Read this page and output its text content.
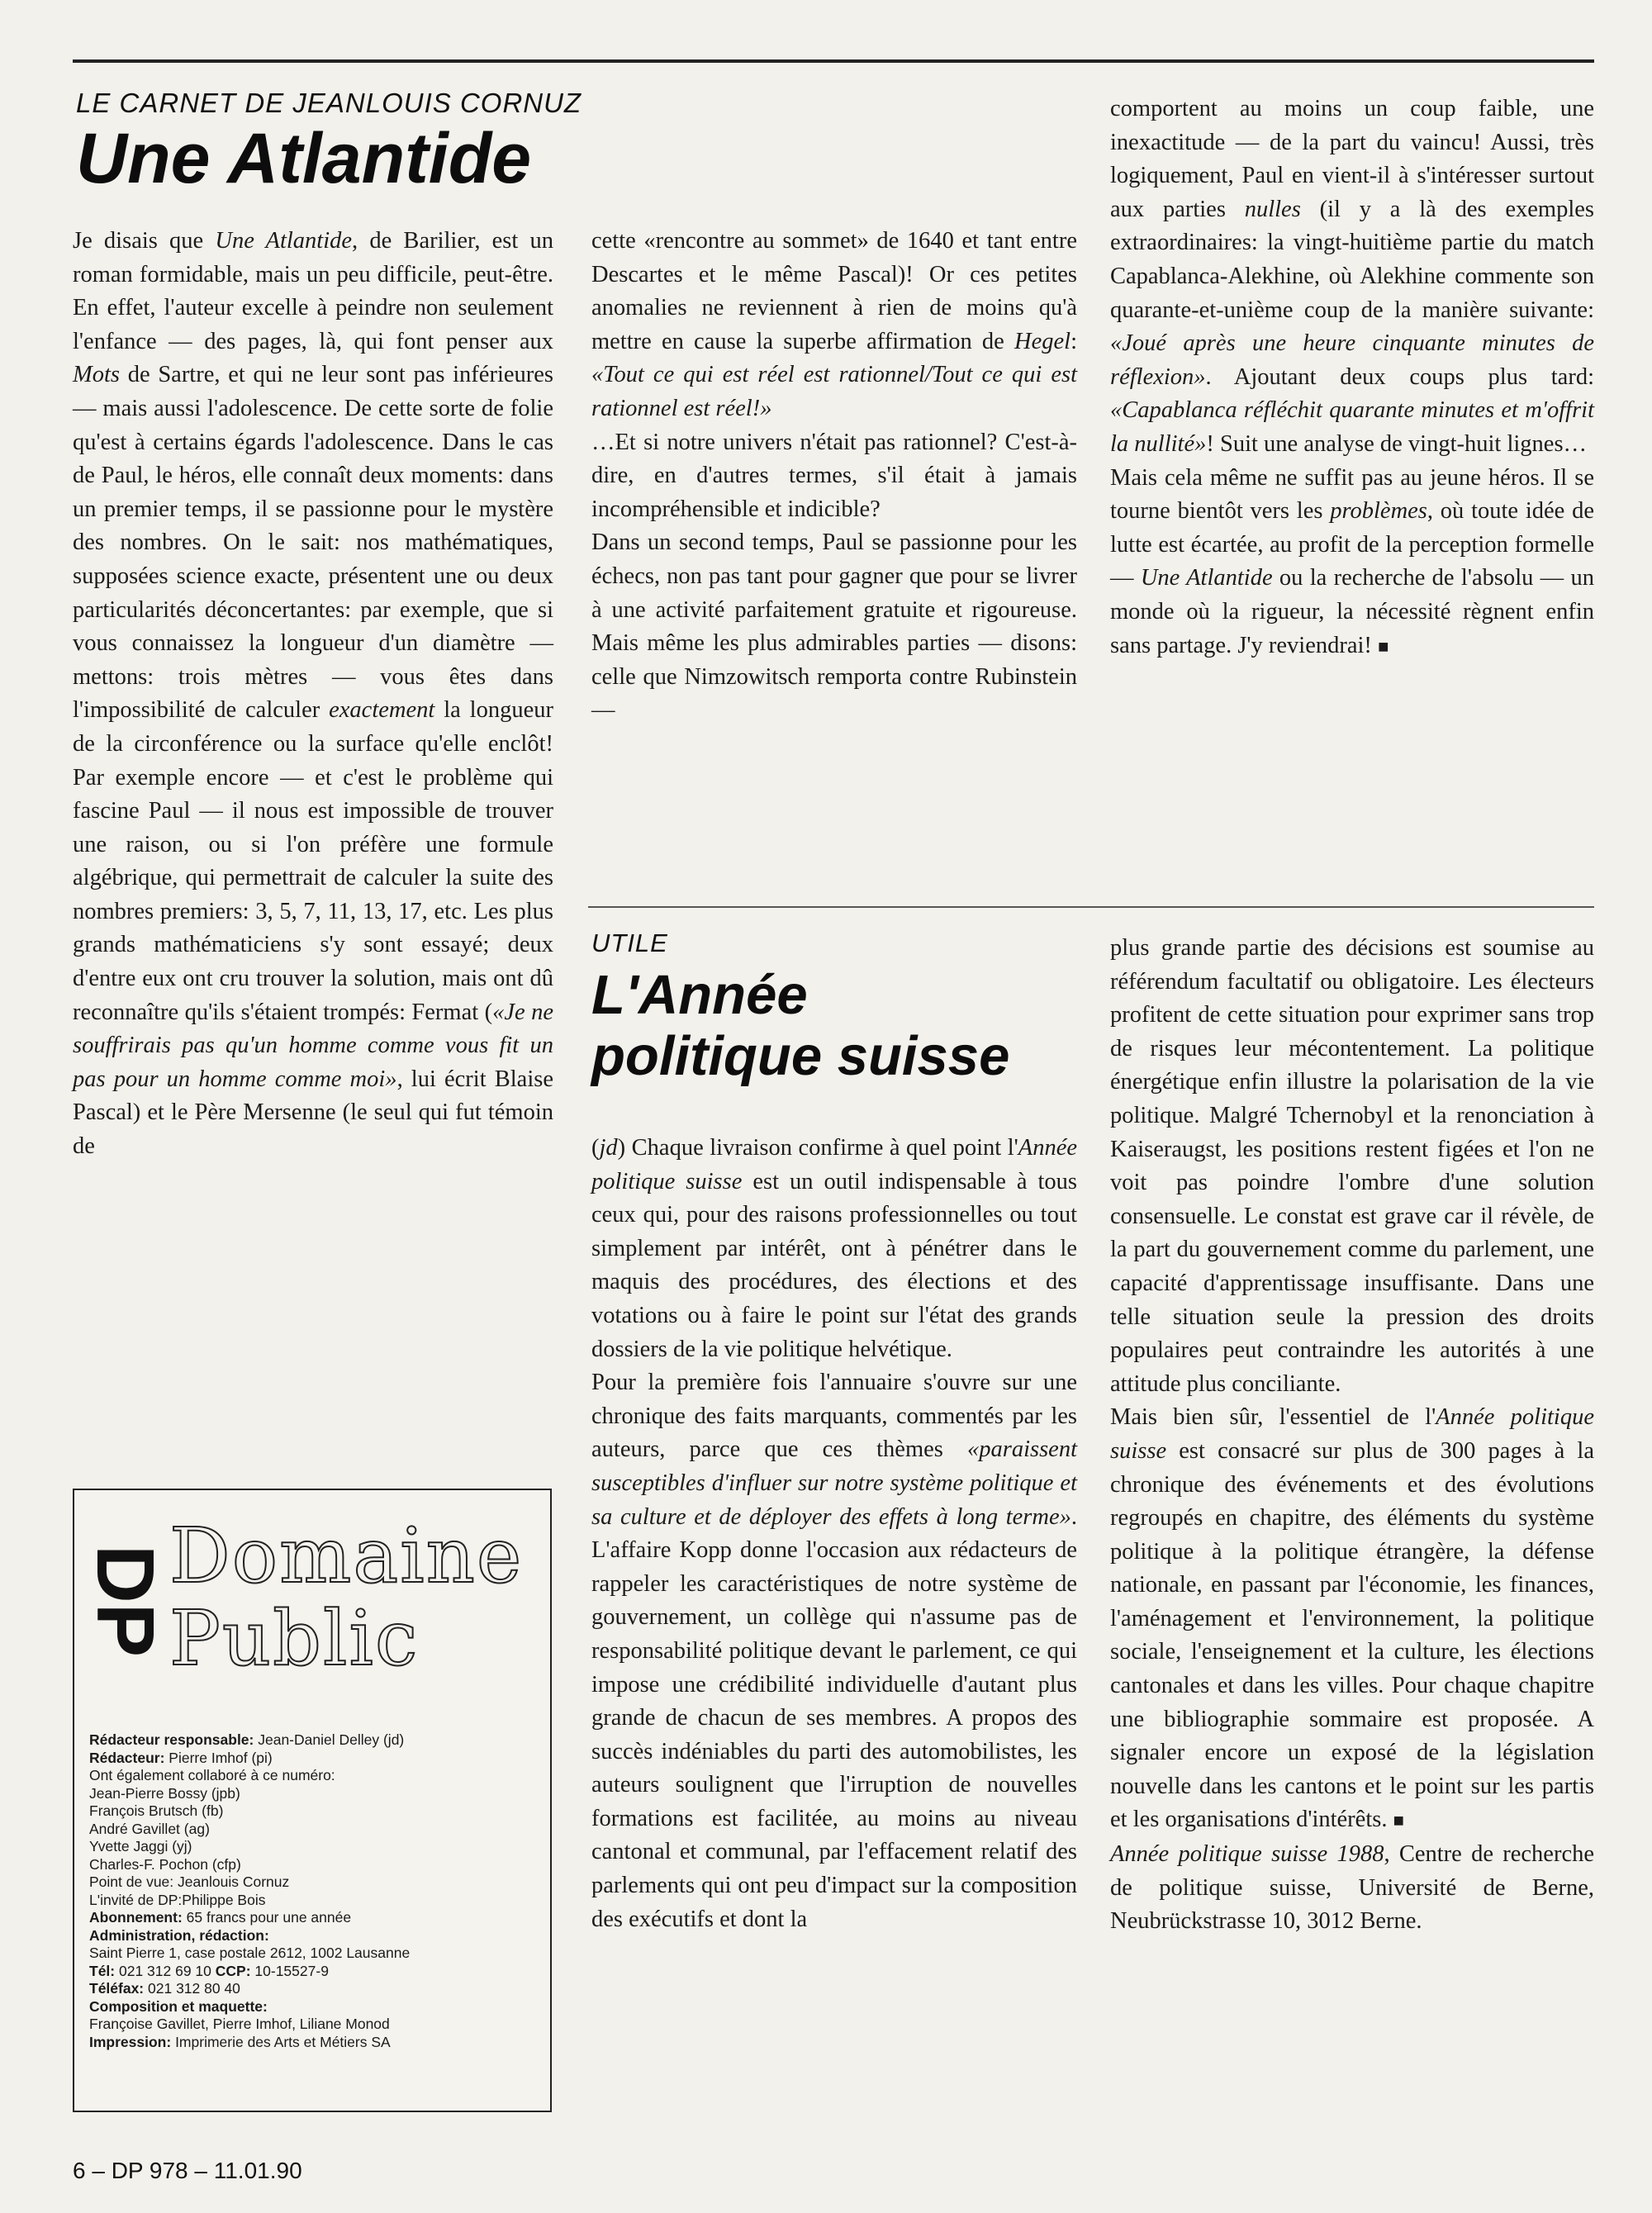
LE CARNET DE JEANLOUIS CORNUZ
Une Atlantide

Je disais que Une Atlantide, de Barilier, est un roman formidable, mais un peu difficile, peut-être. En effet, l'auteur excelle à peindre non seulement l'enfance — des pages, là, qui font penser aux Mots de Sartre, et qui ne leur sont pas inférieures — mais aussi l'adolescence. De cette sorte de folie qu'est à certains égards l'adolescence. Dans le cas de Paul, le héros, elle connaît deux moments: dans un premier temps, il se passionne pour le mystère des nombres. On le sait: nos mathématiques, supposées science exacte, présentent une ou deux particularités déconcertantes: par exemple, que si vous connaissez la longueur d'un diamètre — mettons: trois mètres — vous êtes dans l'impossibilité de calculer exactement la longueur de la circonférence ou la surface qu'elle enclôt! Par exemple encore — et c'est le problème qui fascine Paul — il nous est impossible de trouver une raison, ou si l'on préfère une formule algébrique, qui permettrait de calculer la suite des nombres premiers: 3, 5, 7, 11, 13, 17, etc. Les plus grands mathématiciens s'y sont essayé; deux d'entre eux ont cru trouver la solution, mais ont dû reconnaître qu'ils s'étaient trompés: Fermat («Je ne souffrirais pas qu'un homme comme vous fit un pas pour un homme comme moi», lui écrit Blaise Pascal) et le Père Mersenne (le seul qui fut témoin de

cette «rencontre au sommet» de 1640 et tant entre Descartes et le même Pascal)! Or ces petites anomalies ne reviennent à rien de moins qu'à mettre en cause la superbe affirmation de Hegel: «Tout ce qui est réel est rationnel/Tout ce qui est rationnel est réel!»

…Et si notre univers n'était pas rationnel? C'est-à-dire, en d'autres termes, s'il était à jamais incompréhensible et indicible?

Dans un second temps, Paul se passionne pour les échecs, non pas tant pour gagner que pour se livrer à une activité parfaitement gratuite et rigoureuse. Mais même les plus admirables parties — disons: celle que Nimzowitsch remporta contre Rubinstein —

comportent au moins un coup faible, une inexactitude — de la part du vaincu! Aussi, très logiquement, Paul en vient-il à s'intéresser surtout aux parties nulles (il y a là des exemples extraordinaires: la vingt-huitième partie du match Capablanca-Alekhine, où Alekhine commente son quarante-et-unième coup de la manière suivante: «Joué après une heure cinquante minutes de réflexion». Ajoutant deux coups plus tard: «Capablanca réfléchit quarante minutes et m'offrit la nullité»! Suit une analyse de vingt-huit lignes…

Mais cela même ne suffit pas au jeune héros. Il se tourne bientôt vers les problèmes, où toute idée de lutte est écartée, au profit de la perception formelle — Une Atlantide ou la recherche de l'absolu — un monde où la rigueur, la nécessité règnent enfin sans partage. J'y reviendrai! ■

UTILE
L'Année
politique suisse

(jd) Chaque livraison confirme à quel point l'Année politique suisse est un outil indispensable à tous ceux qui, pour des raisons professionnelles ou tout simplement par intérêt, ont à pénétrer dans le maquis des procédures, des élections et des votations ou à faire le point sur l'état des grands dossiers de la vie politique helvétique.

Pour la première fois l'annuaire s'ouvre sur une chronique des faits marquants, commentés par les auteurs, parce que ces thèmes «paraissent susceptibles d'influer sur notre système politique et sa culture et de déployer des effets à long terme». L'affaire Kopp donne l'occasion aux rédacteurs de rappeler les caractéristiques de notre système de gouvernement, un collège qui n'assume pas de responsabilité politique devant le parlement, ce qui impose une crédibilité individuelle d'autant plus grande de chacun de ses membres. A propos des succès indéniables du parti des automobilistes, les auteurs soulignent que l'irruption de nouvelles formations est facilitée, au moins au niveau cantonal et communal, par l'effacement relatif des parlements qui ont peu d'impact sur la composition des exécutifs et dont la

plus grande partie des décisions est soumise au référendum facultatif ou obligatoire. Les électeurs profitent de cette situation pour exprimer sans trop de risques leur mécontentement. La politique énergétique enfin illustre la polarisation de la vie politique. Malgré Tchernobyl et la renonciation à Kaiseraugst, les positions restent figées et l'on ne voit pas poindre l'ombre d'une solution consensuelle. Le constat est grave car il révèle, de la part du gouvernement comme du parlement, une capacité d'apprentissage insuffisante. Dans une telle situation seule la pression des droits populaires peut contraindre les autorités à une attitude plus conciliante.

Mais bien sûr, l'essentiel de l'Année politique suisse est consacré sur plus de 300 pages à la chronique des événements et des évolutions regroupés en chapitre, des éléments du système politique à la politique étrangère, la défense nationale, en passant par l'économie, les finances, l'aménagement et l'environnement, la politique sociale, l'enseignement et la culture, les élections cantonales et dans les villes. Pour chaque chapitre une bibliographie sommaire est proposée. A signaler encore un exposé de la législation nouvelle dans les cantons et le point sur les partis et les organisations d'intérêts. ■

Année politique suisse 1988, Centre de recherche de politique suisse, Université de Berne, Neubrückstrasse 10, 3012 Berne.

DP
Domaine
Public
Rédacteur responsable: Jean-Daniel Delley (jd)
Rédacteur: Pierre Imhof (pi)
Ont également collaboré à ce numéro:
Jean-Pierre Bossy (jpb)
François Brutsch (fb)
André Gavillet (ag)
Yvette Jaggi (yj)
Charles-F. Pochon (cfp)
Point de vue: Jeanlouis Cornuz
L'invité de DP:Philippe Bois
Abonnement: 65 francs pour une année
Administration, rédaction:
Saint Pierre 1, case postale 2612, 1002 Lausanne
Tél: 021 312 69 10 CCP: 10-15527-9
Téléfax: 021 312 80 40
Composition et maquette:
Françoise Gavillet, Pierre Imhof, Liliane Monod
Impression: Imprimerie des Arts et Métiers SA
6 – DP 978 – 11.01.90
